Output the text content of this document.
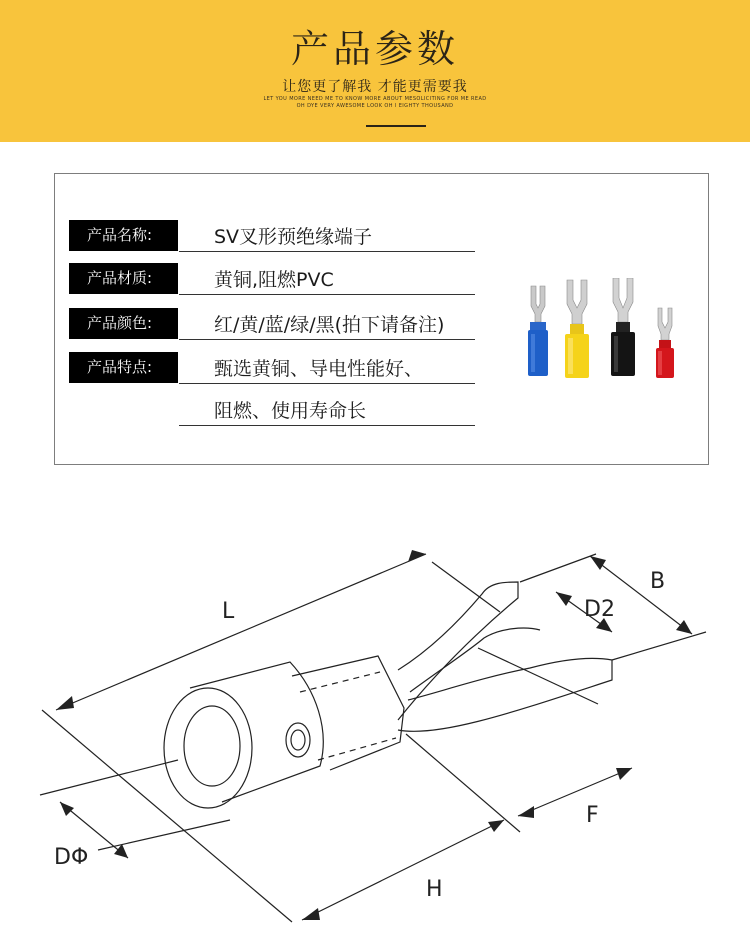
产品参数
让您更了解我 才能更需要我
LET YOU MORE NEED ME TO KNOW MORE ABOUT MESOLICITING FOR ME READ
OH DYE VERY AWESOME LOOK OH I EIGHTY THOUSAND
产品名称:	SV叉形预绝缘端子
产品材质:	黄铜,阻燃PVC
产品颜色:	红/黄/蓝/绿/黑(拍下请备注)
产品特点:	甄选黄铜、导电性能好、
阻燃、使用寿命长
L
B
D2
F
H
DΦ
